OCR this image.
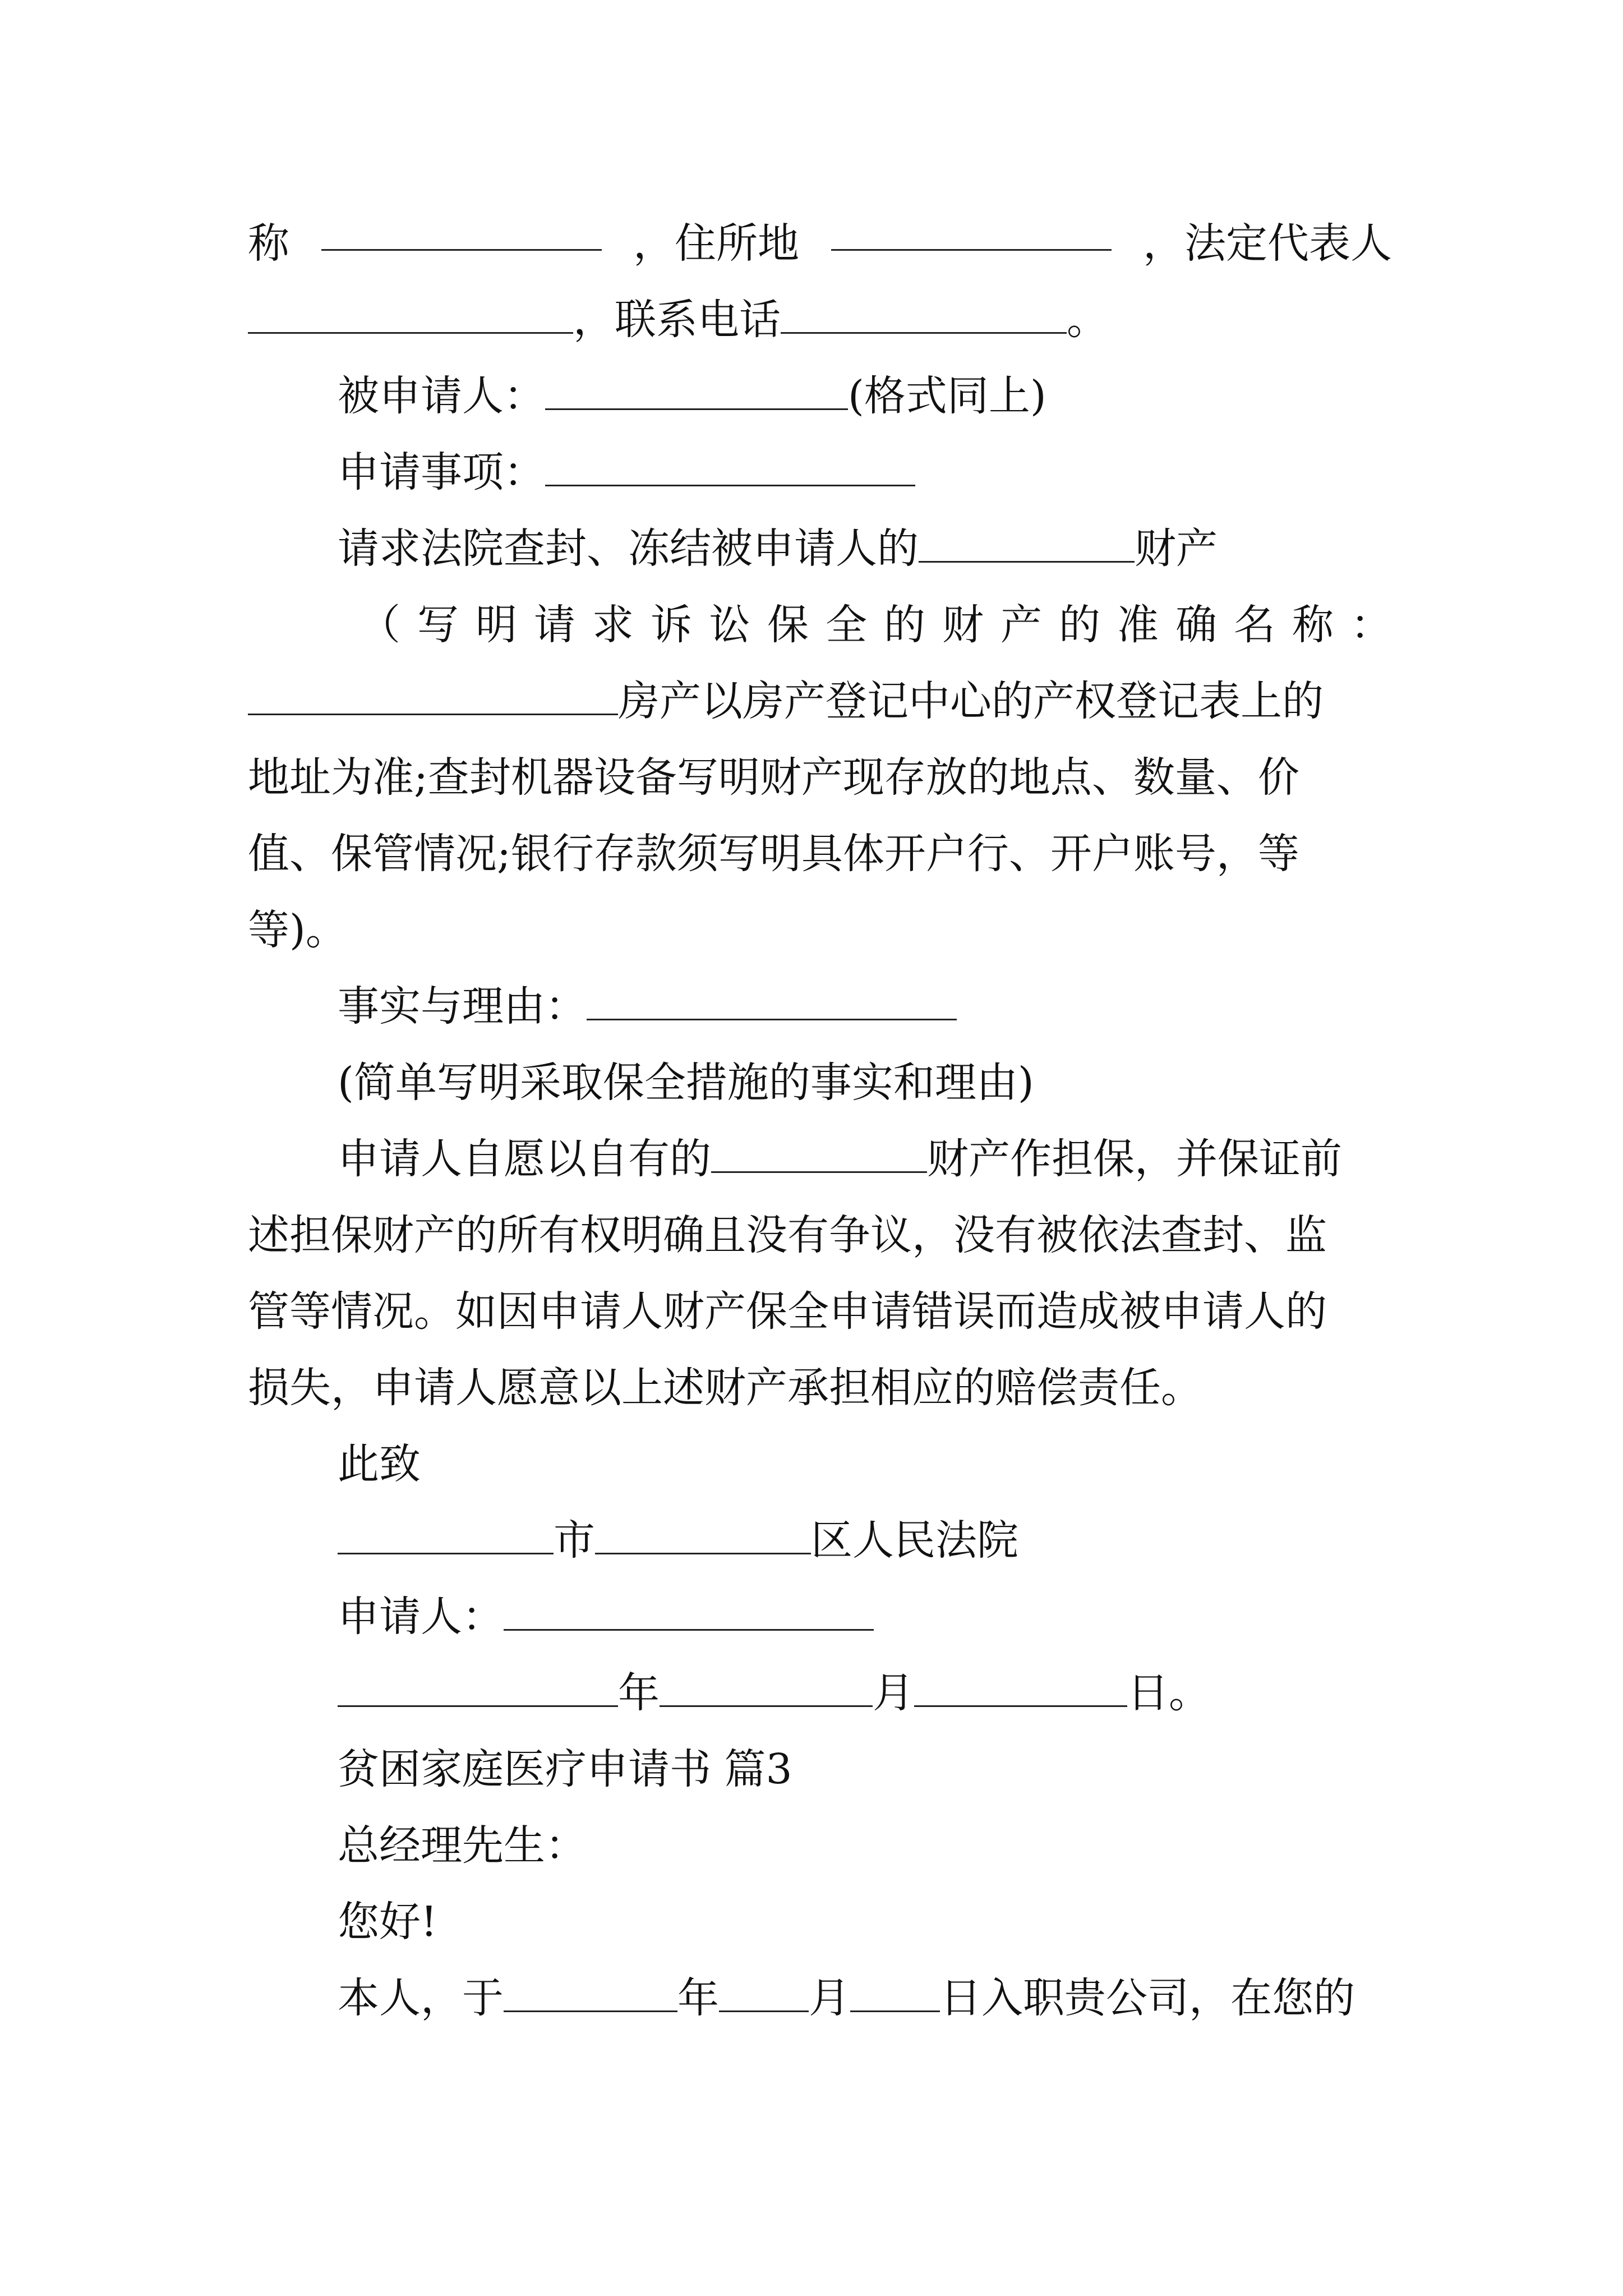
称	，住所地	，法定代表人
，联系电话	。
被申请人：	(格式同上)
申请事项：
请求法院查封、冻结被申请人的	财产
（ 写 明 请 求 诉 讼 保 全 的 财 产 的 准 确 名 称 ：
房产以房产登记中心的产权登记表上的
地址为准;查封机器设备写明财产现存放的地点、数量、价
值、保管情况;银行存款须写明具体开户行、开户账号，等
等)。
事实与理由：
(简单写明采取保全措施的事实和理由)
申请人自愿以自有的	财产作担保，并保证前
述担保财产的所有权明确且没有争议，没有被依法查封、监
管等情况。如因申请人财产保全申请错误而造成被申请人的
损失，申请人愿意以上述财产承担相应的赔偿责任。
此致
市	区人民法院
申请人：
年	月	日。
贫困家庭医疗申请书 篇3
总经理先生：
您好!
本人，于	年 月 日入职贵公司，在您的
